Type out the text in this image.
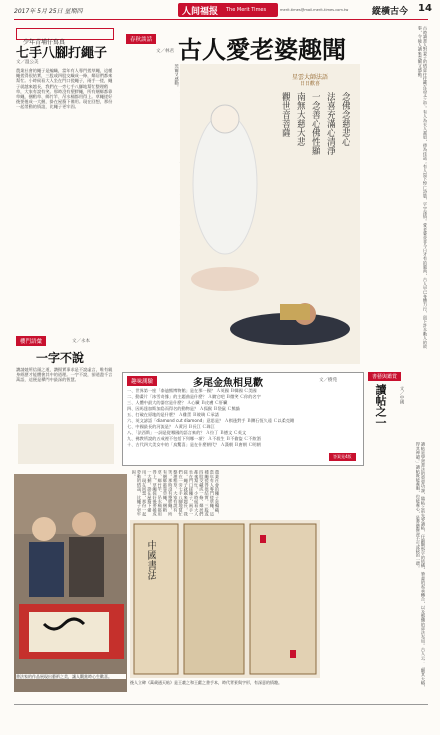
2017年 5月 25日 星期四	人间福报 The Merit Times	merit.times@mail.merit-times.com.tw	縱橫古今 14
少年青埔仔寫真
七手八腳打繩子
文／溫公美
農業社會的繩子是編織，當年有人專門搓草繩，這種繩搓得很結實，三股或四股交織成一條，鄰居們都來幫忙。小時候看大人坐在門口搓繩子，兩手一搓，繩子就越來越長，我們在一旁七手八腳地幫忙整理稻草，大家有說有笑。那時沒有塑膠繩，所有綑綁都靠草繩，捆稻草、綁竹竿、吊水桶都用得上。草繩搓好後要捲成一大捆，掛在屋簷下備用。現在回想，那份一起勞動的情誼，比繩子更牢固。
櫻門語彙	文／永本
一字不說
讚請她所信頭之道，讚揚實事求是不說虛言，唯有親身經歷才能體會其中的道理。一字不說，卻道盡千言萬語，這便是禪門中最深的智慧。
書法家的作品展現出藝術之美，讓人觀賞時心生歡喜。
春秋談話
文／林君 古人愛老婆趣聞
莞爾又感動。
星雲大師法語
日日歡喜
念佛念慈悲心
法喜充滿心清淨
一念善心佛性顯
南無大慈大悲
觀世音菩薩	古時讀書人對妻子的情意往往藏在詩文之中。有人為夫人畫眉，傳為佳話；有人寫下悼亡詩篇，字字深情。愛老婆並非今日才有的風尚，古人早已身體力行，留下許多動人的故事，令後人讀來莞爾又感動。
趣味測驗	多尾金魚相見歡	文／樹苑
一、世界第一座「泰迪熊博物館」是在那一國？ Ａ英國 Ｂ韓國 Ｃ美國
二、動畫片「冰雪奇緣」的主題曲是什麼？ Ａ隨它吧 Ｂ微笑 Ｃ你的名字
三、人體中最大的器官是什麼？ Ａ心臟 Ｂ皮膚 Ｃ肝臟
四、因馬達加斯加島而得名的動物是？ Ａ狐猴 Ｂ袋鼠 Ｃ熊貓
五、打破在原地的是什麼？ Ａ雞蛋 Ｂ玻璃 Ｃ承諾
六、英文諺語「diamond cut diamond」意思是？ Ａ棋逢對手 Ｂ鑽石恆久遠 Ｃ以柔克剛
七、中國最長的河流是？ Ａ黃河 Ｂ長江 Ｃ珠江
八、「法西斯」一詞是從哪國的語言來的？ Ａ拉丁 Ｂ德文 Ｃ英文
九、佛教所說的五戒裡不包括下列哪一項？ Ａ不殺生 Ｂ不偷盜 Ｃ不飲酒
十、古代四大美女中的「鳥驚喜」是在什麼朝代？ Ａ漢朝 Ｂ唐朝 Ｃ明朝
答案見4版
農業社會的繩子是編織，當年有人專門搓草繩，這種繩搓得很結實，三股或四股交織成一條，鄰居們都來幫忙。小時候看大人坐在門口搓繩子，兩手一搓，繩子就越來越長，我們在一旁七手八腳地幫忙整理稻草，大家有說有笑。那時沒有塑膠繩，所有綑綁都靠草繩，捆稻草、綁竹竿、吊水桶都用得上。草繩搓好後要捲成一大捆，掛在屋簷下備用。現在回想，那份一起勞動的情誼，比繩子更牢固。
中國書法
後人立碑《萬歲通天帖》是王羲之和王獻之書手本，時代背景與字形，有深意的情趣。
書藝與鑑賞
讀帖之一	文／中國
讀帖是學習書法的重要功課，臨帖之前先要讀帖，仔細觀察字的結構、筆畫的起承轉合，以及整體的章法布局。古人云：「觀其大略，得其神韻。」讀帖既能養眼，也能養心，是書藝修習不可或缺的一環。
